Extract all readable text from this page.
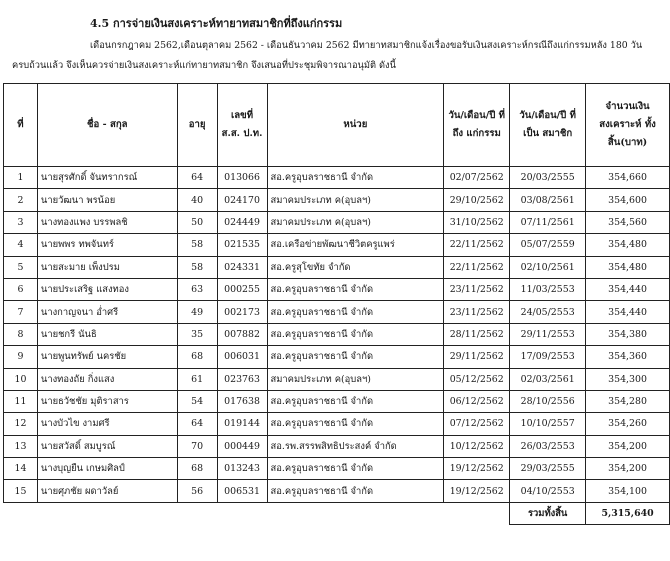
4.5 การจ่ายเงินสงเคราะห์ทายาทสมาชิกที่ถึงแก่กรรม
เดือนกรกฎาคม 2562,เดือนตุลาคม 2562 - เดือนธันวาคม 2562 มีทายาทสมาชิกแจ้งเรื่องขอรับเงินสงเคราะห์กรณีถึงแก่กรรมหลัง 180 วัน
ครบถ้วนแล้ว จึงเห็นควรจ่ายเงินสงเคราะห์แก่ทายาทสมาชิก จึงเสนอที่ประชุมพิจารณาอนุมัติ ดังนี้
ที่	ชื่อ - สกุล	อายุ	เลขที่ ส.ส. ป.ท.	หน่วย	วัน/เดือน/ปี ที่ถึง แก่กรรม	วัน/เดือน/ปี ที่เป็น สมาชิก	จำนวนเงิน สงเคราะห์ ทั้งสิ้น(บาท)
1	นายสุรศักดิ์ จันทรากรณ์	64	013066	สอ.ครูอุบลราชธานี จำกัด	02/07/2562	20/03/2555	354,660
2	นายวัฒนา พรน้อย	40	024170	สมาคมประเภท ค(อุบลฯ)	29/10/2562	03/08/2561	354,600
3	นางทองแพง บรรพลชิ	50	024449	สมาคมประเภท ค(อุบลฯ)	31/10/2562	07/11/2561	354,560
4	นายพพร ทพจันทร์	58	021535	สอ.เครือข่ายพัฒนาชีวิตครูแพร่	22/11/2562	05/07/2559	354,480
5	นายสะมาย เพ็งปรม	58	024331	สอ.ครูสุโขทัย จำกัด	22/11/2562	02/10/2561	354,480
6	นายประเสริฐ แสงทอง	63	000255	สอ.ครูอุบลราชธานี จำกัด	23/11/2562	11/03/2553	354,440
7	นางกาญจนา อ่ำศรี	49	002173	สอ.ครูอุบลราชธานี จำกัด	23/11/2562	24/05/2553	354,440
8	นายชกรี นันธิ	35	007882	สอ.ครูอุบลราชธานี จำกัด	28/11/2562	29/11/2553	354,380
9	นายพูนทรัพย์ นครชัย	68	006031	สอ.ครูอุบลราชธานี จำกัด	29/11/2562	17/09/2553	354,360
10	นางทองถัย กิ่งแสง	61	023763	สมาคมประเภท ค(อุบลฯ)	05/12/2562	02/03/2561	354,300
11	นายธวัชชัย มุติราสาร	54	017638	สอ.ครูอุบลราชธานี จำกัด	06/12/2562	28/10/2556	354,280
12	นางบัวไข งามศรี	64	019144	สอ.ครูอุบลราชธานี จำกัด	07/12/2562	10/10/2557	354,260
13	นายสวัสดิ์ สมบูรณ์	70	000449	สอ.รพ.สรรพสิทธิประสงค์ จำกัด	10/12/2562	26/03/2553	354,200
14	นางบุญยืน เกษมศิลป์	68	013243	สอ.ครูอุบลราชธานี จำกัด	19/12/2562	29/03/2555	354,200
15	นายศุภชัย ผดาวัลย์	56	006531	สอ.ครูอุบลราชธานี จำกัด	19/12/2562	04/10/2553	354,100
						รวมทั้งสิ้น	5,315,640
